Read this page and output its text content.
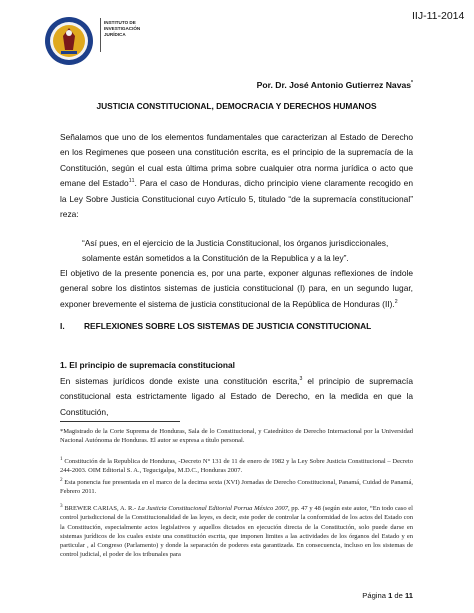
IIJ-11-2014
INSTITUTO DE
INVESTIGACIÓN
JURÍDICA
Por. Dr. José Antonio Gutierrez Navas*
JUSTICIA CONSTITUCIONAL, DEMOCRACIA Y DERECHOS HUMANOS
Señalamos que uno de los elementos fundamentales que caracterizan al Estado de Derecho en los Regimenes que poseen una constitución escrita, es el principio de la supremacía de la Constitución, según el cual esta última prima sobre cualquier otra norma jurídica o acto que emane del Estado$^{11}$. Para el caso de Honduras, dicho principio viene claramente recogido en la Ley Sobre Justicia Constitucional cuyo Artículo 5, titulado “de la supremacía constitucional” reza:
“Así pues, en el ejercicio de la Justicia Constitucional, los órganos jurisdiccionales, solamente están sometidos a la Constitución de la Republica y a la ley”.
El objetivo de la presente ponencia es, por una parte, exponer algunas reflexiones de índole general sobre los distintos sistemas de justicia constitucional (I) para, en un segundo lugar, exponer brevemente el sistema de justicia constitucional de la República de Honduras (II).$^2$
I. REFLEXIONES SOBRE LOS SISTEMAS DE JUSTICIA CONSTITUCIONAL
1. El principio de supremacía constitucional
En sistemas jurídicos donde existe una constitución escrita,$^3$ el principio de supremacía constitucional esta estrictamente ligado al Estado de Derecho, en la medida en que la Constitución,
*Magistrado de la Corte Suprema de Honduras, Sala de lo Constitucional, y Catedrático de Derecho Internacional por la Universidad Nacional Autónoma de Honduras. El autor se expresa a título personal.
$^1$ Constitución de la Republica de Honduras, -Decreto N° 131 de 11 de enero de 1982 y la Ley Sobre Justicia Constitucional – Decreto 244-2003. OIM Editorial S. A., Tegucigalpa, M.D.C., Honduras 2007.
$^2$ Esta ponencia fue presentada en el marco de la decima sexta (XVI) Jornadas de Derecho Constitucional, Panamá, Cuidad de Panamá, Febrero 2011.
$^3$ BREWER CARIAS, A. R.- La Justicia Constitucional Editorial Porrua México 2007, pp. 47 y 48 (según este autor, “En todo caso el control jurisdiccional de la Constitucionalidad de las leyes, es decir, este poder de controlar la conformidad de los actos del Estado con la Constitución, especialmente actos legislativos y aquellos dictados en ejecución directa de la Constitución, solo puede darse en sistemas jurídicos de los cuales existe una constitución escrita, que imponen limites a las actividades de los órganos del Estado y en particular , al Congreso (Parlamento) y donde la separación de poderes esta garantizada. En consecuencia, incluso en los sistemas de control judicial, el poder de los tribunales para
Página 1 de 11
